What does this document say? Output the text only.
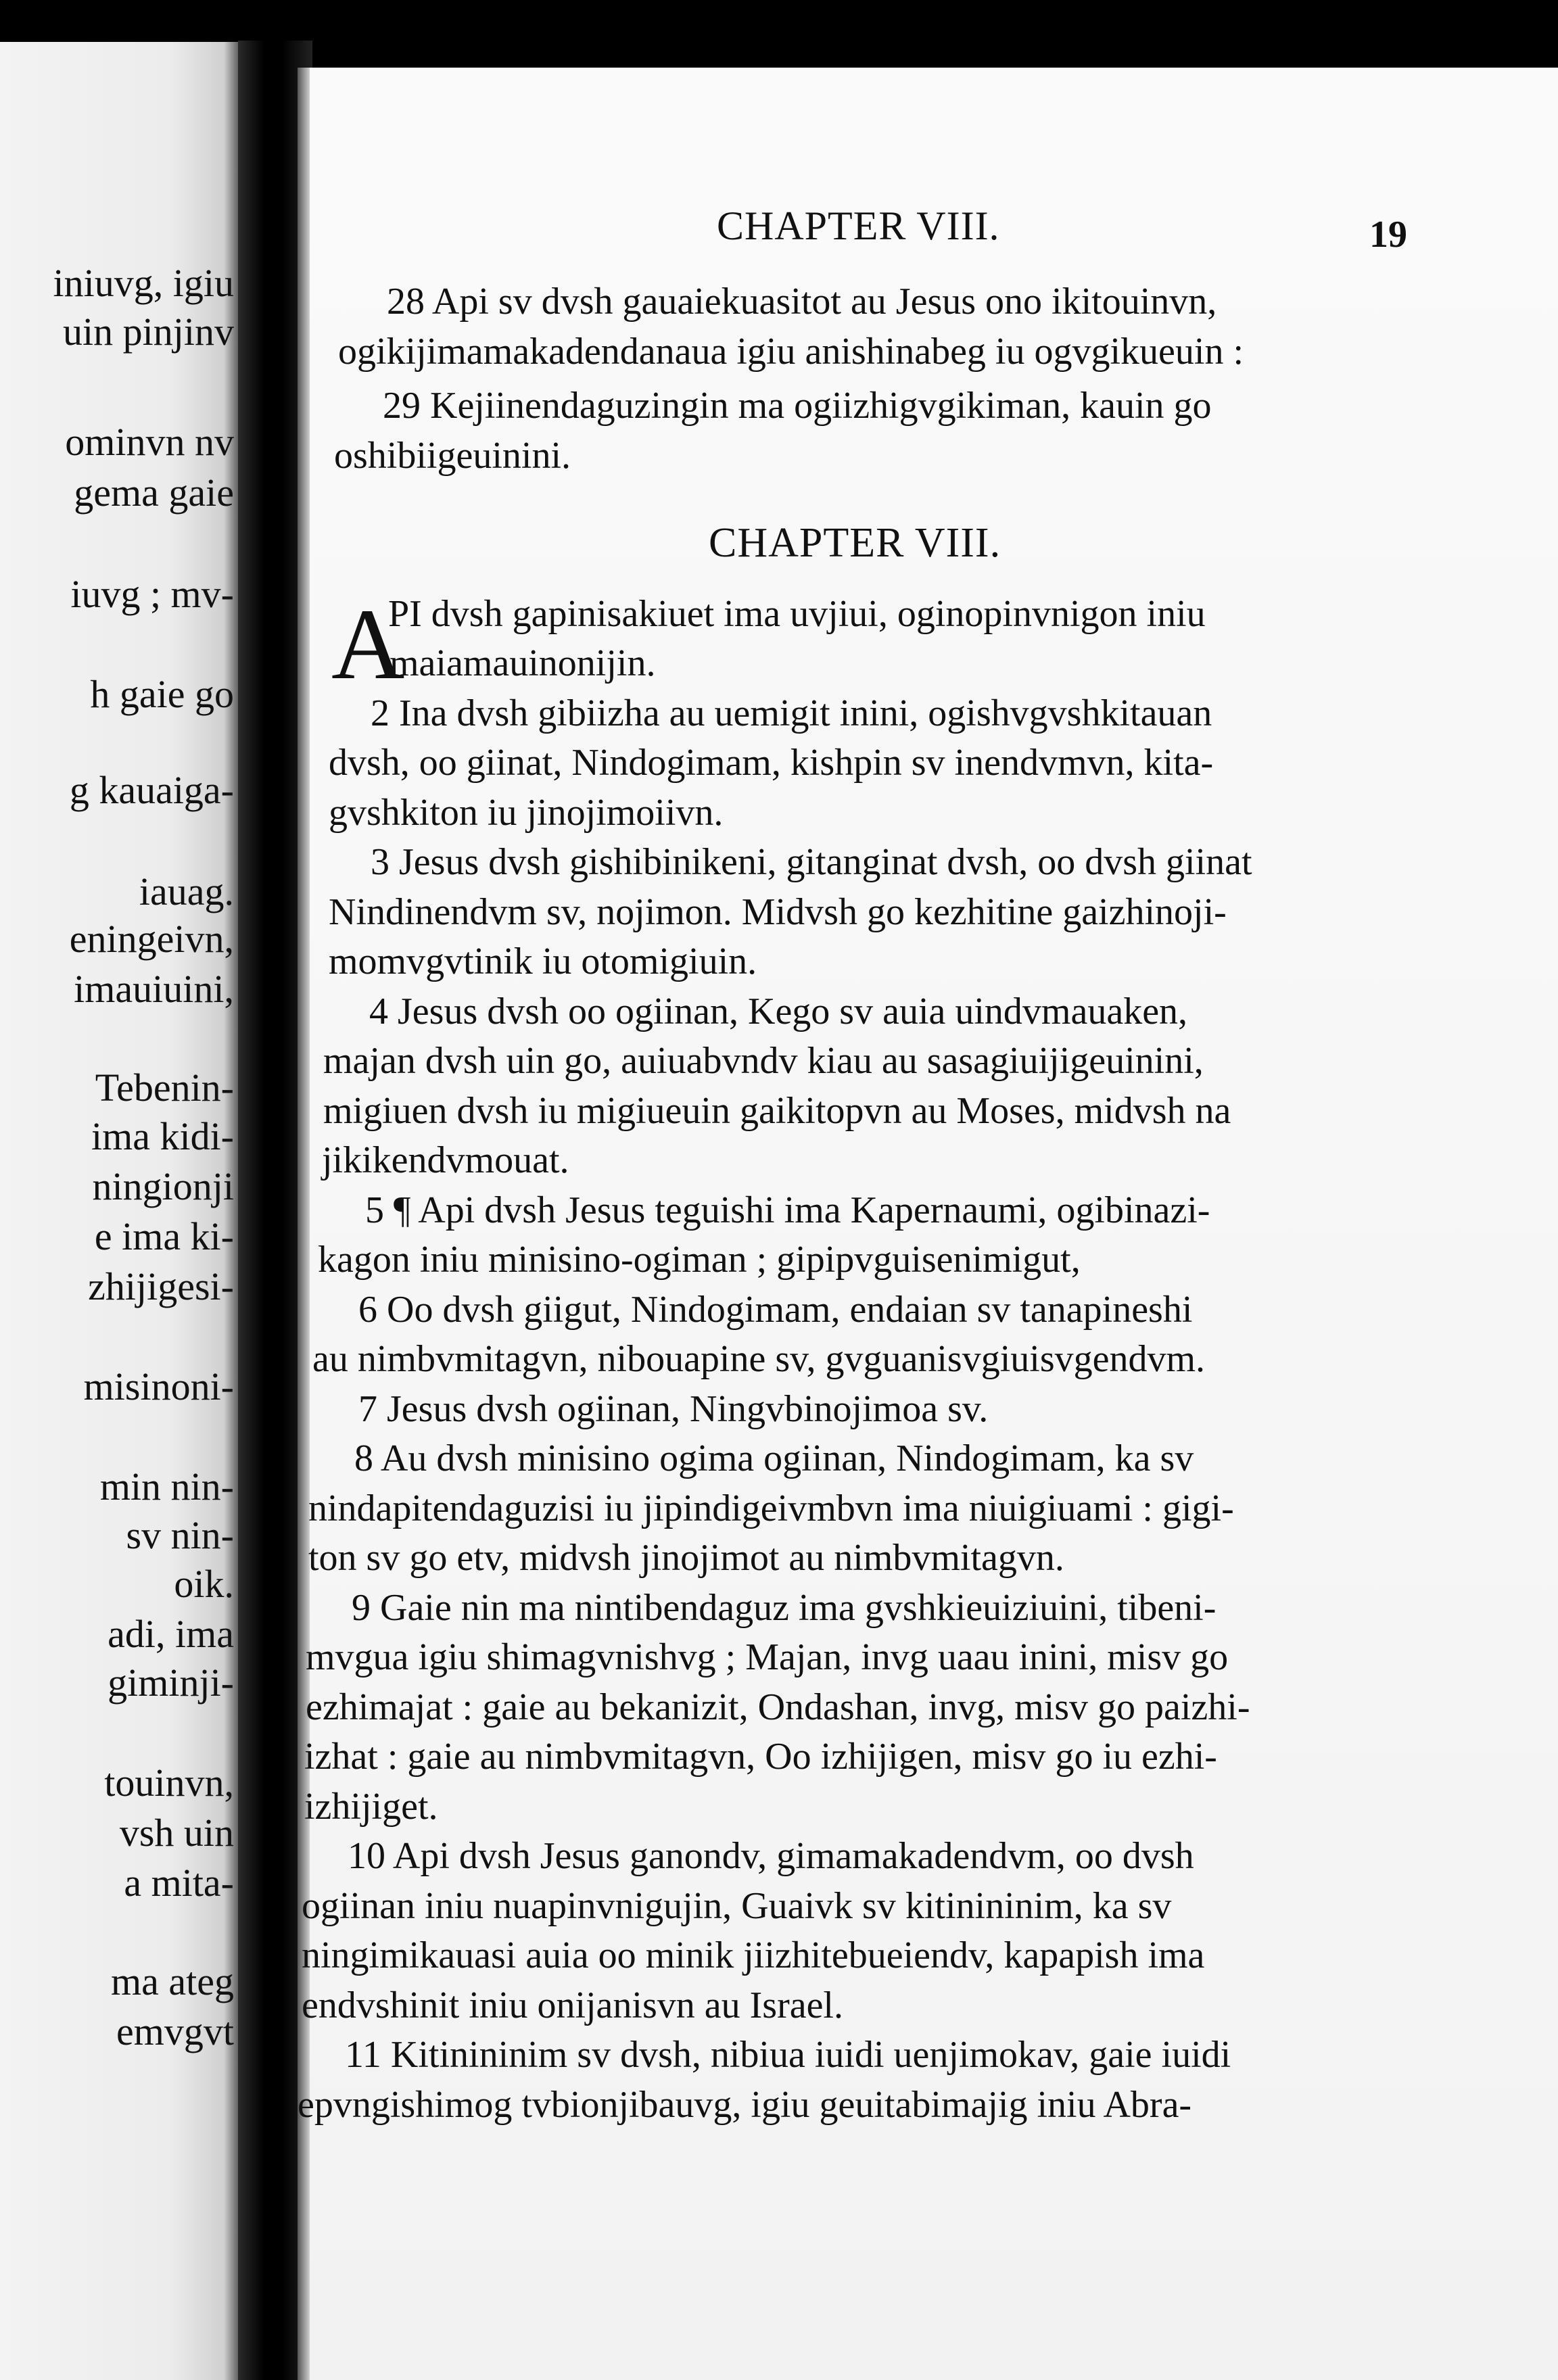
iniuvg, igiu
uin pinjinv
ominvn nv
gema gaie
iuvg ; mv-
h gaie go
g kauaiga-
iauag.
eningeivn,
imauiuini,
Tebenin-
ima kidi-
ningionji
e ima ki-
zhijigesi-
misinoni-
min nin-
sv nin-
oik.
adi, ima
giminji-
touinvn,
vsh uin
a mita-
ma ateg
emvgvt
CHAPTER VIII.	19
28 Api sv dvsh gauaiekuasitot au Jesus ono ikitouinvn,
ogikijimamakadendanaua igiu anishinabeg iu ogvgikueuin :
29 Kejiinendaguzingin ma ogiizhigvgikiman, kauin go
oshibiigeuinini.
CHAPTER VIII.
A
PI dvsh gapinisakiuet ima uvjiui, oginopinvnigon iniu
maiamauinonijin.
2 Ina dvsh gibiizha au uemigit inini, ogishvgvshkitauan
dvsh, oo giinat, Nindogimam, kishpin sv inendvmvn, kita-
gvshkiton iu jinojimoiivn.
3 Jesus dvsh gishibinikeni, gitanginat dvsh, oo dvsh giinat
Nindinendvm sv, nojimon. Midvsh go kezhitine gaizhinoji-
momvgvtinik iu otomigiuin.
4 Jesus dvsh oo ogiinan, Kego sv auia uindvmauaken,
majan dvsh uin go, auiuabvndv kiau au sasagiuijigeuinini,
migiuen dvsh iu migiueuin gaikitopvn au Moses, midvsh na
jikikendvmouat.
5 ¶ Api dvsh Jesus teguishi ima Kapernaumi, ogibinazi-
kagon iniu minisino-ogiman ; gipipvguisenimigut,
6 Oo dvsh giigut, Nindogimam, endaian sv tanapineshi
au nimbvmitagvn, nibouapine sv, gvguanisvgiuisvgendvm.
7 Jesus dvsh ogiinan, Ningvbinojimoa sv.
8 Au dvsh minisino ogima ogiinan, Nindogimam, ka sv
nindapitendaguzisi iu jipindigeivmbvn ima niuigiuami : gigi-
ton sv go etv, midvsh jinojimot au nimbvmitagvn.
9 Gaie nin ma nintibendaguz ima gvshkieuiziuini, tibeni-
mvgua igiu shimagvnishvg ; Majan, invg uaau inini, misv go
ezhimajat : gaie au bekanizit, Ondashan, invg, misv go paizhi-
izhat : gaie au nimbvmitagvn, Oo izhijigen, misv go iu ezhi-
izhijiget.
10 Api dvsh Jesus ganondv, gimamakadendvm, oo dvsh
ogiinan iniu nuapinvnigujin, Guaivk sv kitinininim, ka sv
ningimikauasi auia oo minik jiizhitebueiendv, kapapish ima
endvshinit iniu onijanisvn au Israel.
11 Kitinininim sv dvsh, nibiua iuidi uenjimokav, gaie iuidi
epvngishimog tvbionjibauvg, igiu geuitabimajig iniu Abra-
